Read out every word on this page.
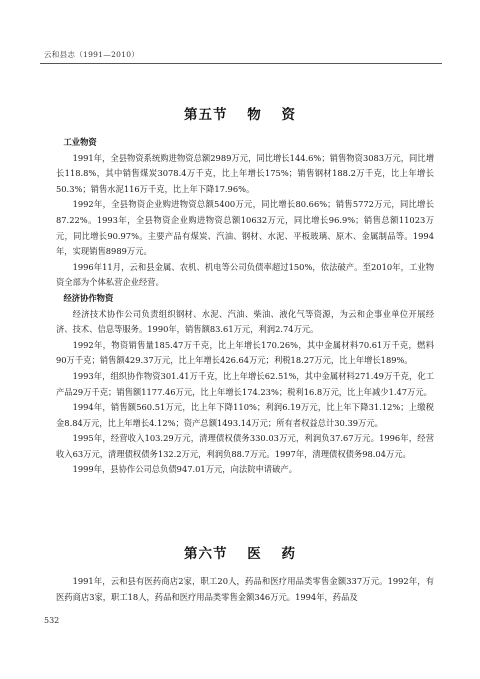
云和县志（1991—2010）
第五节 物 资

工业物资

1991年，全县物资系统购进物资总额2989万元，同比增长144.6%；销售物资3083万元，同比增长118.8%，其中销售煤炭3078.4万千克，比上年增长175%；销售钢材188.2万千克，比上年增长50.3%；销售水泥116万千克，比上年下降17.96%。

1992年，全县物资企业购进物资总额5400万元，同比增长80.66%；销售5772万元，同比增长87.22%。1993年，全县物资企业购进物资总额10632万元，同比增长96.9%；销售总额11023万元，同比增长90.97%。主要产品有煤炭、汽油、钢材、水泥、平板玻璃、原木、金属制品等。1994年，实现销售8989万元。

1996年11月，云和县金属、农机、机电等公司负债率超过150%，依法破产。至2010年，工业物资全部为个体私营企业经营。

经济协作物资

经济技术协作公司负责组织钢材、水泥、汽油、柴油、液化气等资源，为云和企事业单位开展经济、技术、信息等服务。1990年，销售额83.61万元，利润2.74万元。

1992年，物资销售量185.47万千克，比上年增长170.26%，其中金属材料70.61万千克，燃料90万千克；销售额429.37万元，比上年增长426.64万元；利税18.27万元，比上年增长189%。

1993年，组织协作物资301.41万千克，比上年增长62.51%，其中金属材料271.49万千克，化工产品29万千克；销售额1177.46万元，比上年增长174.23%；税利16.8万元，比上年减少1.47万元。

1994年，销售额560.51万元，比上年下降110%；利润6.19万元，比上年下降31.12%；上缴税金8.84万元，比上年增长4.12%；资产总额1493.14万元；所有者权益总计30.39万元。

1995年，经营收入103.29万元，清理债权债务330.03万元，利润负37.67万元。1996年，经营收入63万元，清理债权债务132.2万元，利润负88.7万元。1997年，清理债权债务98.04万元。

1999年，县协作公司总负债947.01万元，向法院申请破产。

第六节 医 药

1991年，云和县有医药商店2家，职工20人，药品和医疗用品类零售金额337万元。1992年，有医药商店3家，职工18人，药品和医疗用品类零售金额346万元。1994年，药品及

532
